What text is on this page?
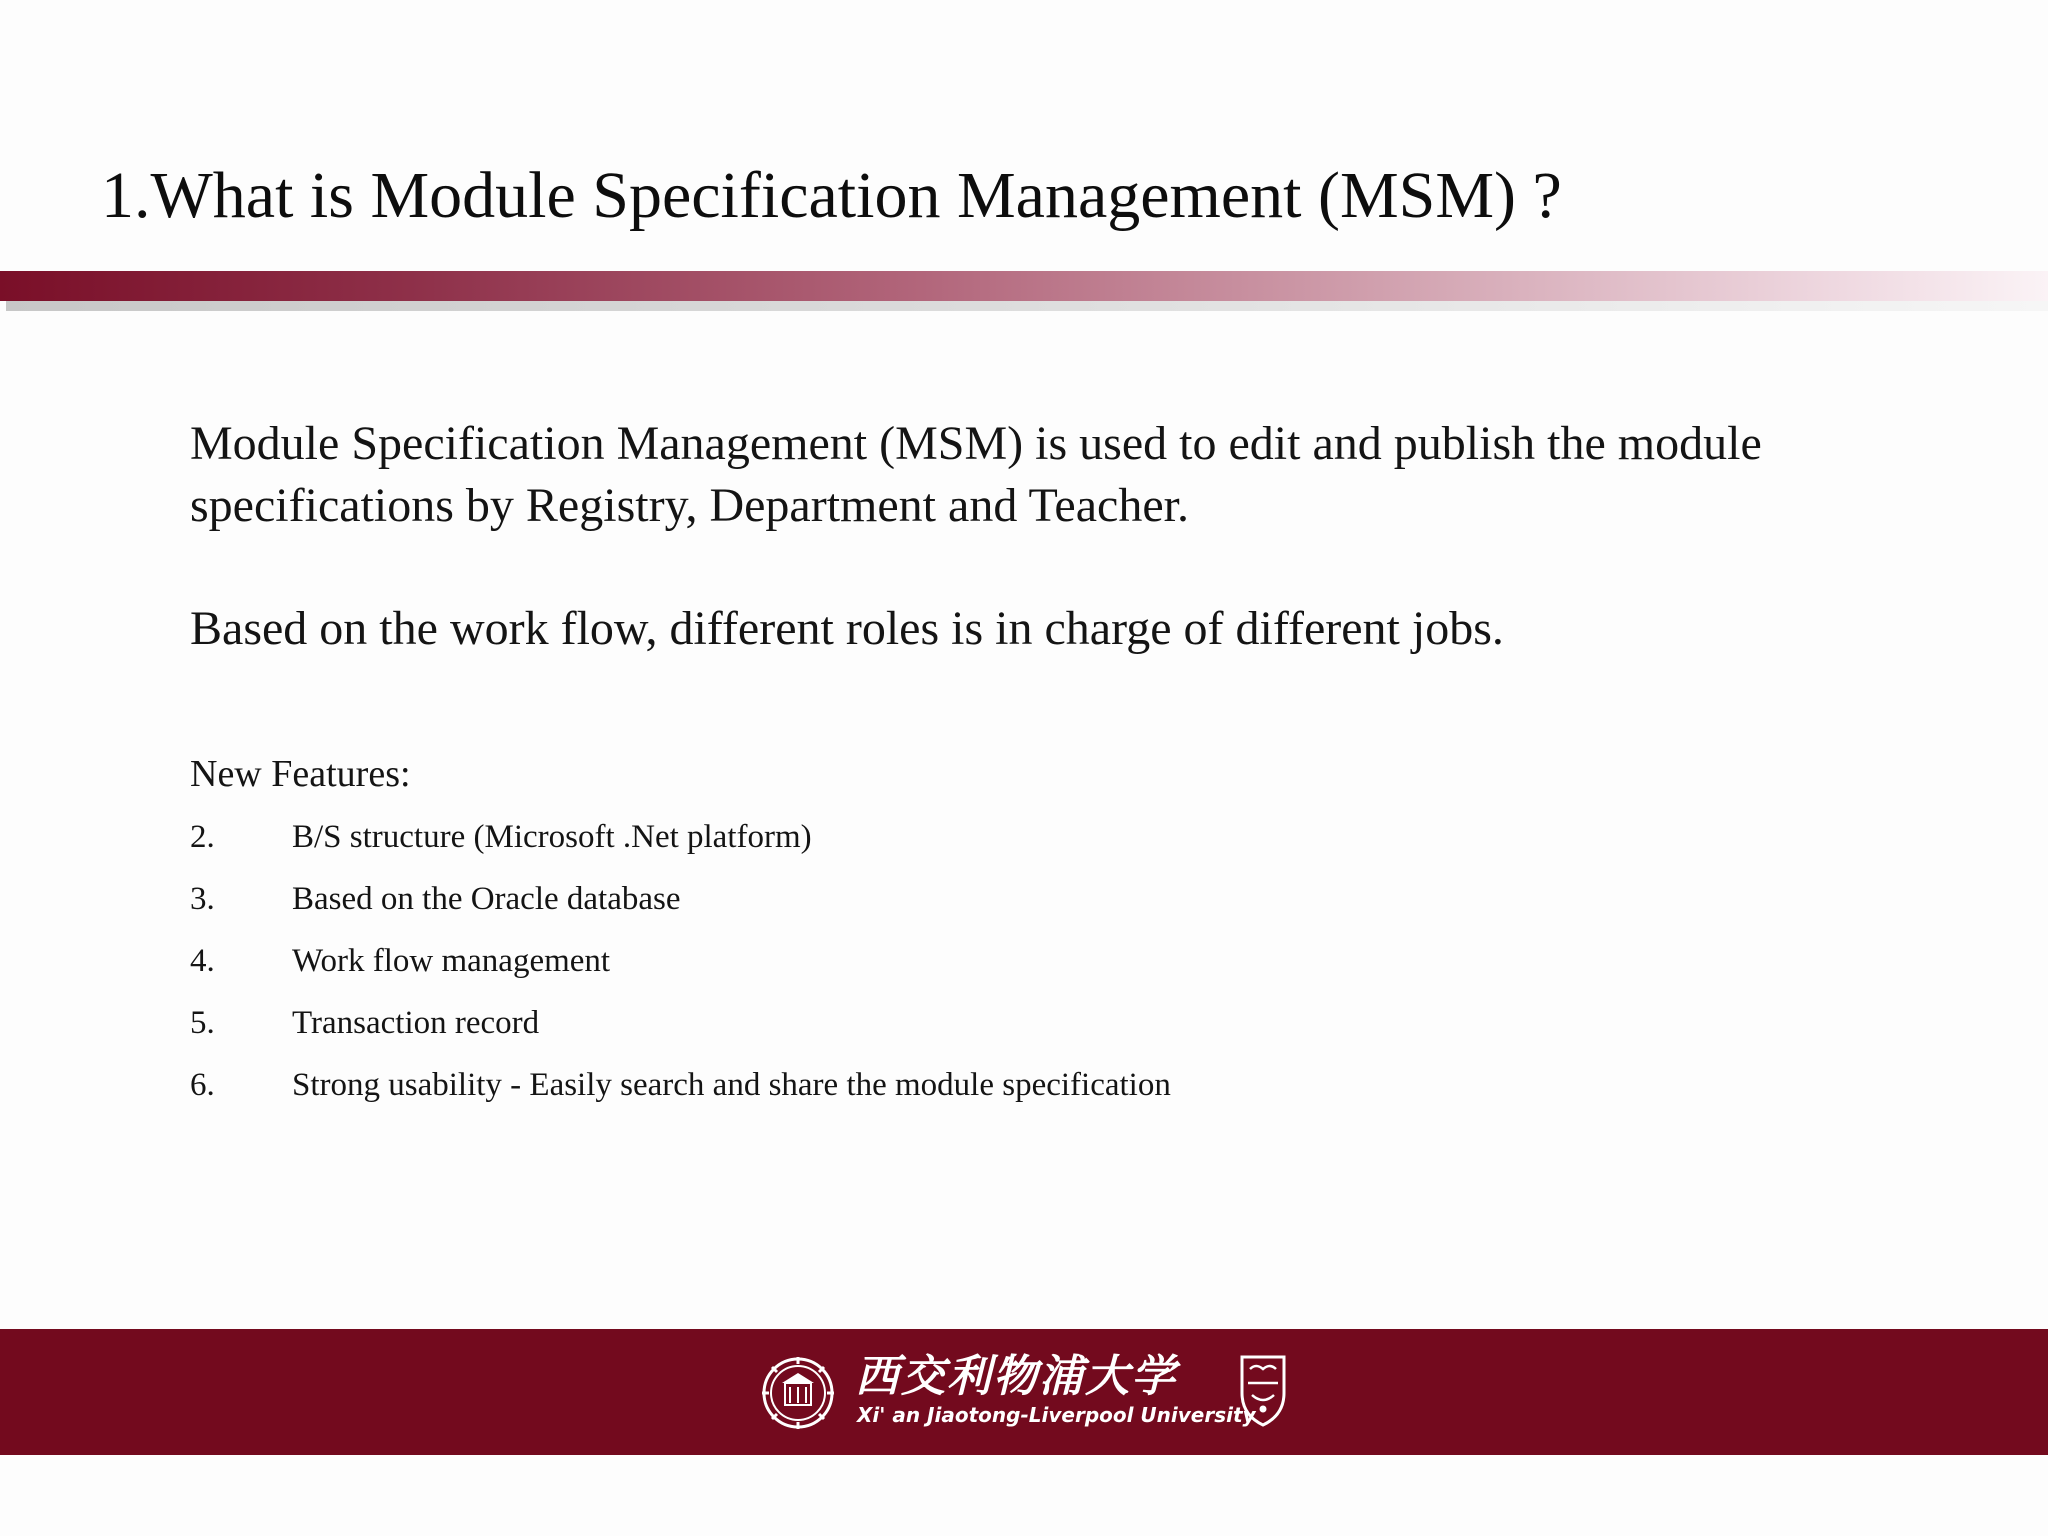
1.What is Module Specification Management (MSM) ?

Module Specification Management (MSM) is used to edit and publish the module specifications by Registry, Department and Teacher.

Based on the work flow, different roles is in charge of different jobs.

New Features:

2.	B/S structure (Microsoft .Net platform)
3.	Based on the Oracle database
4.	Work flow management
5.	Transaction record
6.	Strong usability - Easily search and share the module specification
西交利物浦大学
Xi' an Jiaotong-Liverpool University
